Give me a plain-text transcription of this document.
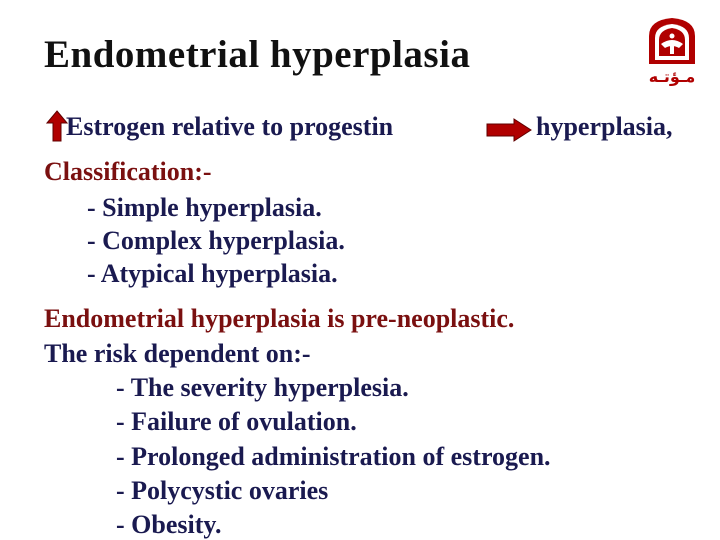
Endometrial hyperplasia
مـؤتـه
Estrogen relative to progestin	hyperplasia,
Classification:-
- Simple hyperplasia.
- Complex hyperplasia.
- Atypical hyperplasia.
Endometrial hyperplasia is pre-neoplastic.
The risk dependent on:-
- The severity hyperplesia.
- Failure of ovulation.
- Prolonged administration of estrogen.
- Polycystic ovaries
- Obesity.
